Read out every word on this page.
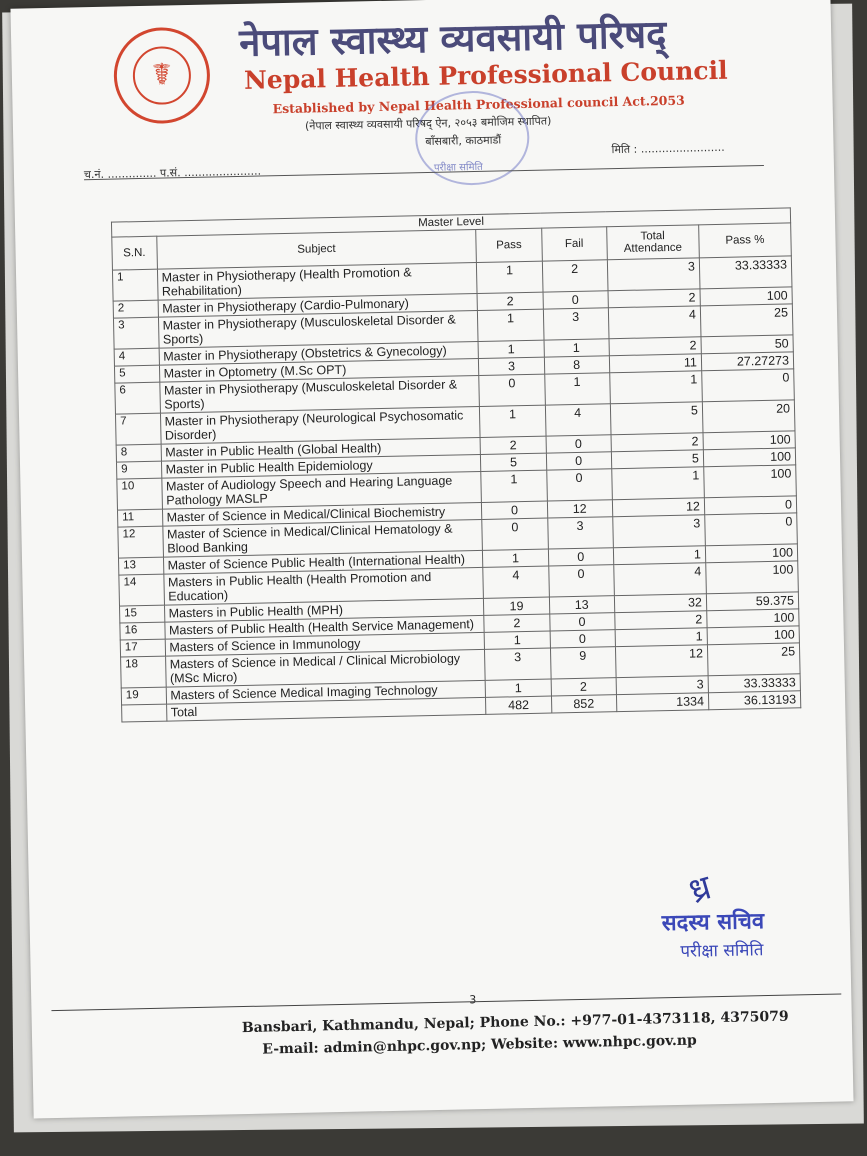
☤
नेपाल स्वास्थ्य व्यवसायी परिषद्
Nepal Health Professional Council
Established by Nepal Health Professional council Act.2053
(नेपाल स्वास्थ्य व्यवसायी परिषद् ऐन, २०५३ बमोजिम स्थापित)
बाँसबारी, काठमाडौं
परीक्षा समिति
च.नं. .............. प.सं. ......................
मिति : ........................
Master Level					
S.N.	Subject	Pass	Fail	Total Attendance	Pass %
1	Master in Physiotherapy (Health Promotion & Rehabilitation)	1	2	3	33.33333
2	Master in Physiotherapy (Cardio-Pulmonary)	2	0	2	100
3	Master in Physiotherapy (Musculoskeletal Disorder & Sports)	1	3	4	25
4	Master in Physiotherapy (Obstetrics & Gynecology)	1	1	2	50
5	Master in Optometry (M.Sc OPT)	3	8	11	27.27273
6	Master in Physiotherapy (Musculoskeletal Disorder & Sports)	0	1	1	0
7	Master in Physiotherapy (Neurological Psychosomatic Disorder)	1	4	5	20
8	Master in Public Health (Global Health)	2	0	2	100
9	Master in Public Health Epidemiology	5	0	5	100
10	Master of Audiology Speech and Hearing Language Pathology MASLP	1	0	1	100
11	Master of Science in Medical/Clinical Biochemistry	0	12	12	0
12	Master of Science in Medical/Clinical Hematology & Blood Banking	0	3	3	0
13	Master of Science Public Health (International Health)	1	0	1	100
14	Masters in Public Health (Health Promotion and Education)	4	0	4	100
15	Masters in Public Health (MPH)	19	13	32	59.375
16	Masters of Public Health (Health Service Management)	2	0	2	100
17	Masters of Science in Immunology	1	0	1	100
18	Masters of Science in Medical / Clinical Microbiology (MSc Micro)	3	9	12	25
19	Masters of Science Medical Imaging Technology	1	2	3	33.33333
	Total	482	852	1334	36.13193
ध्र
सदस्य सचिव
परीक्षा समिति
3
Bansbari, Kathmandu, Nepal; Phone No.: +977-01-4373118, 4375079
E-mail: admin@nhpc.gov.np; Website: www.nhpc.gov.np
